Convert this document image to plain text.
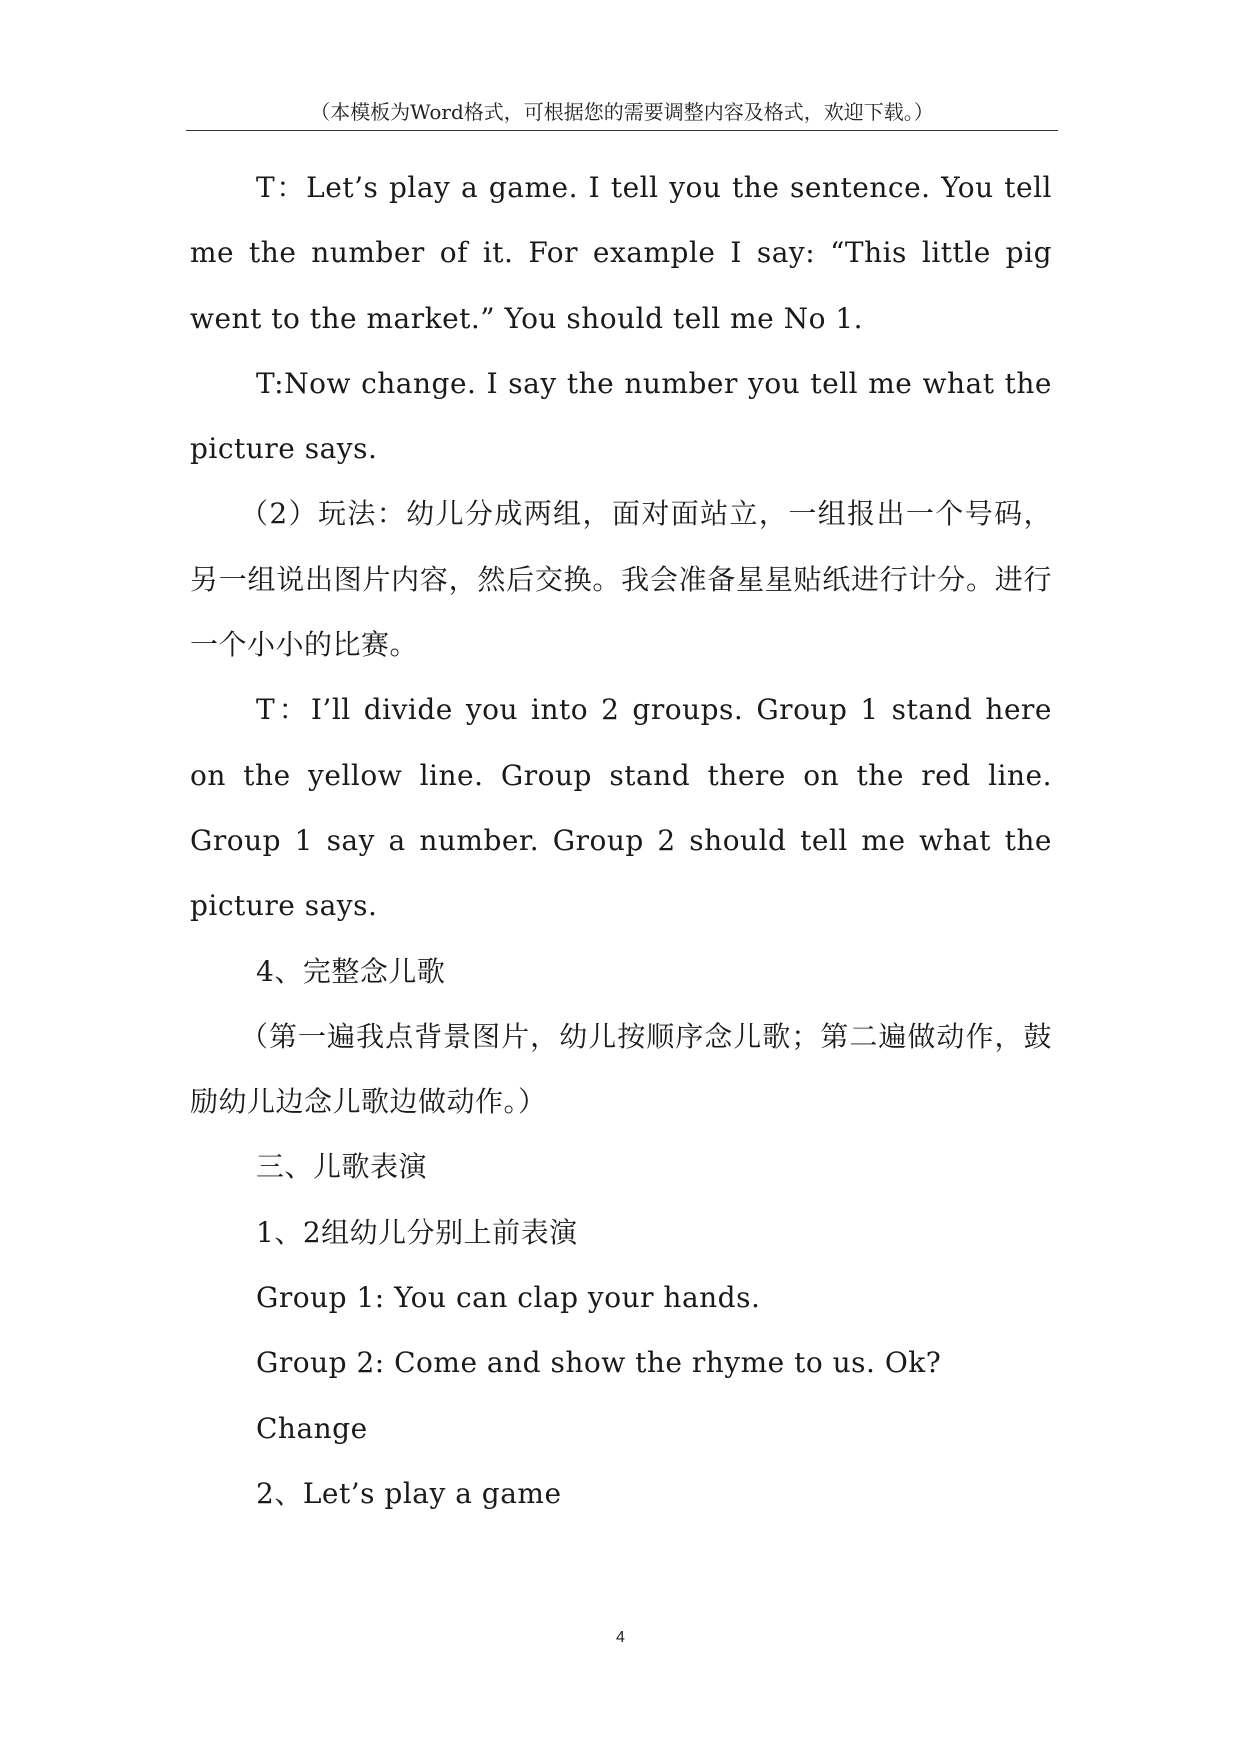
（本模板为Word格式，可根据您的需要调整内容及格式，欢迎下载。）

T：Let’s play a game. I tell you the sentence. You tell me the number of it. For example I say: “This little pig went to the market.” You should tell me No 1.

T:Now change. I say the number you tell me what the picture says.

（2）玩法：幼儿分成两组，面对面站立，一组报出一个号码，另一组说出图片内容，然后交换。我会准备星星贴纸进行计分。进行一个小小的比赛。

T：I’ll divide you into 2 groups. Group 1 stand here on the yellow line. Group stand there on the red line. Group 1 say a number. Group 2 should tell me what the picture says.

4、完整念儿歌

（第一遍我点背景图片，幼儿按顺序念儿歌；第二遍做动作，鼓励幼儿边念儿歌边做动作。）

三、儿歌表演

1、2组幼儿分别上前表演

Group 1: You can clap your hands.

Group 2: Come and show the rhyme to us. Ok?

Change

2、Let’s play a game

4
